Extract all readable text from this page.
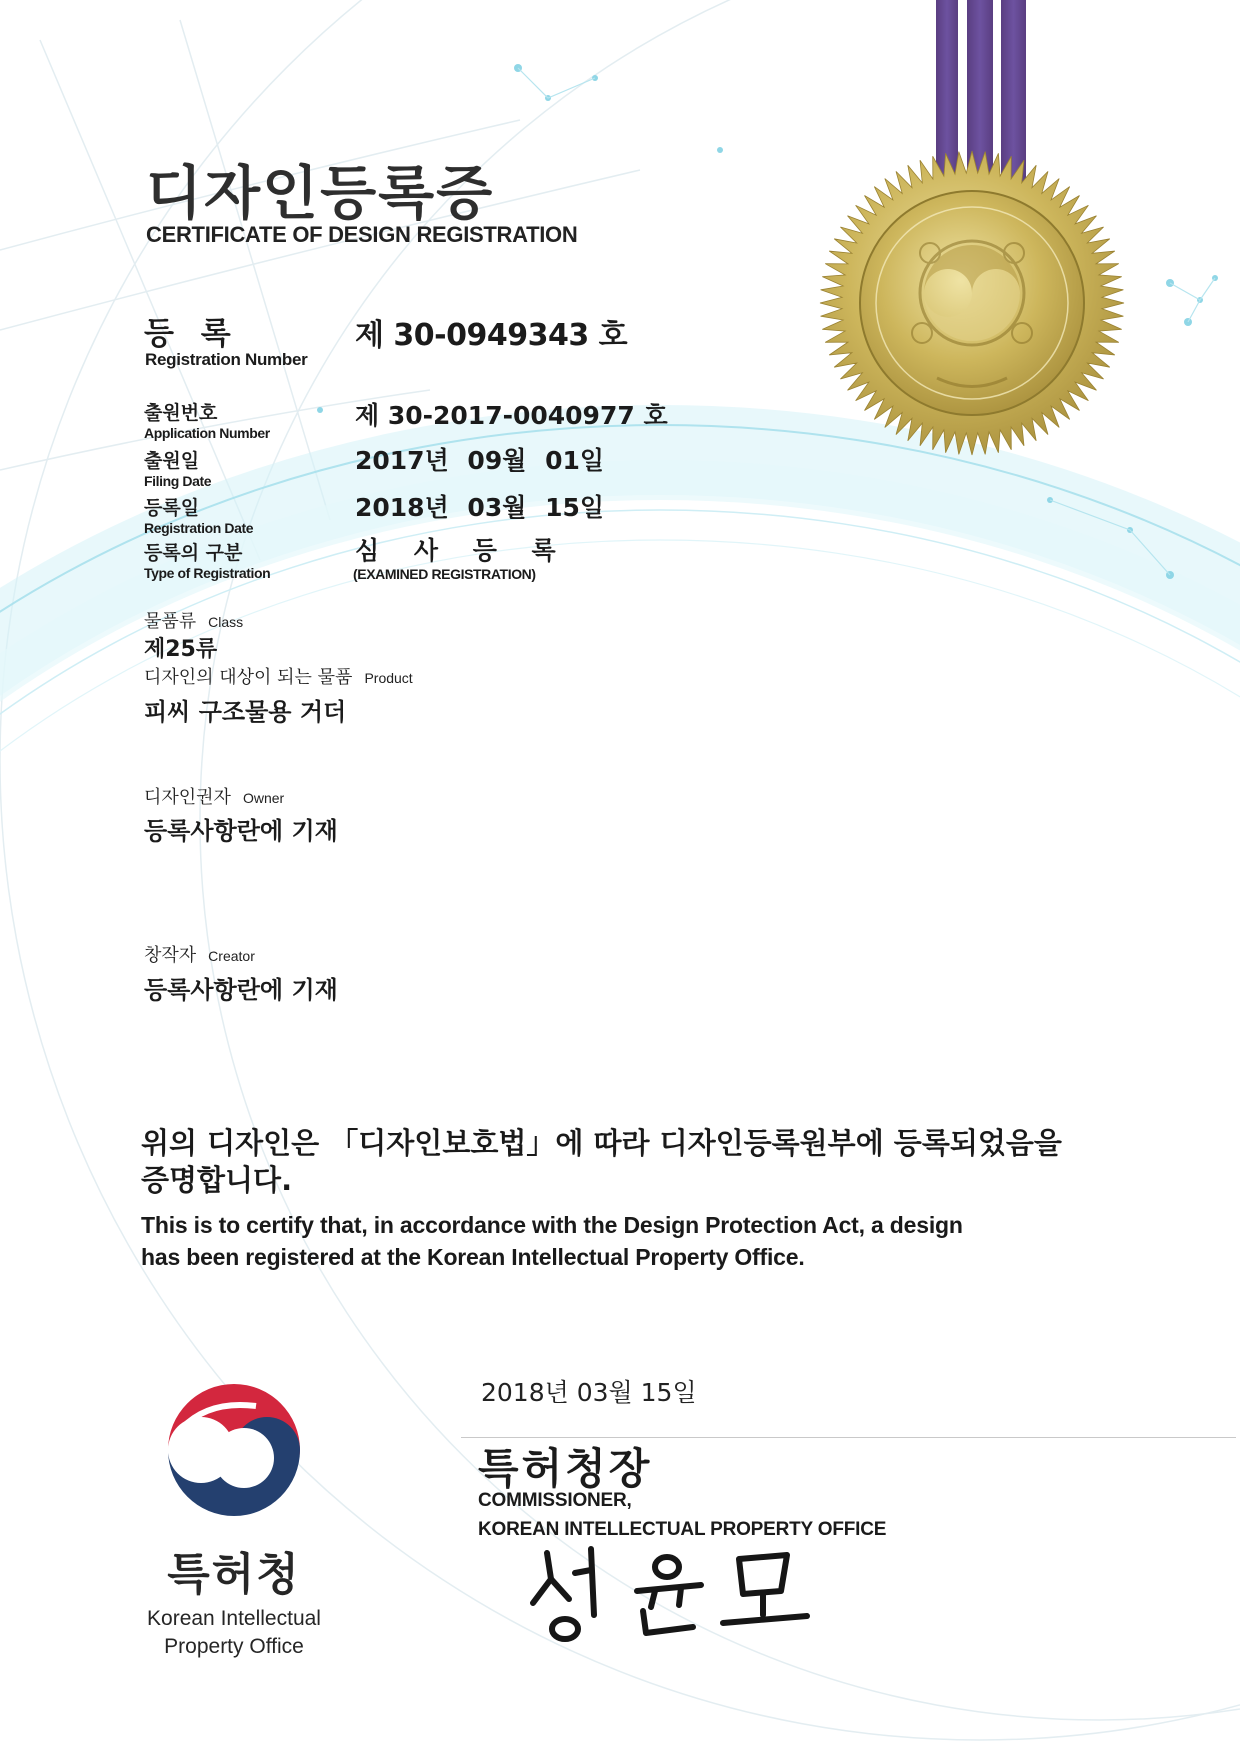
디자인등록증
CERTIFICATE OF DESIGN REGISTRATION
등 록
Registration Number
제 30-0949343 호
출원번호
Application Number
제 30-2017-0040977 호
출원일
Filing Date
2017년 09월 01일
등록일
Registration Date
2018년 03월 15일
등록의 구분
Type of Registration
심 사 등 록
(EXAMINED REGISTRATION)
물품류 Class
제25류
디자인의 대상이 되는 물품 Product
피씨 구조물용 거더
디자인권자 Owner
등록사항란에 기재
창작자 Creator
등록사항란에 기재
위의 디자인은 「디자인보호법」에 따라 디자인등록원부에 등록되었음을
증명합니다.
This is to certify that, in accordance with the Design Protection Act, a design
has been registered at the Korean Intellectual Property Office.
2018년 03월 15일
특허청장
COMMISSIONER,
KOREAN INTELLECTUAL PROPERTY OFFICE
특허청
Korean Intellectual
Property Office
